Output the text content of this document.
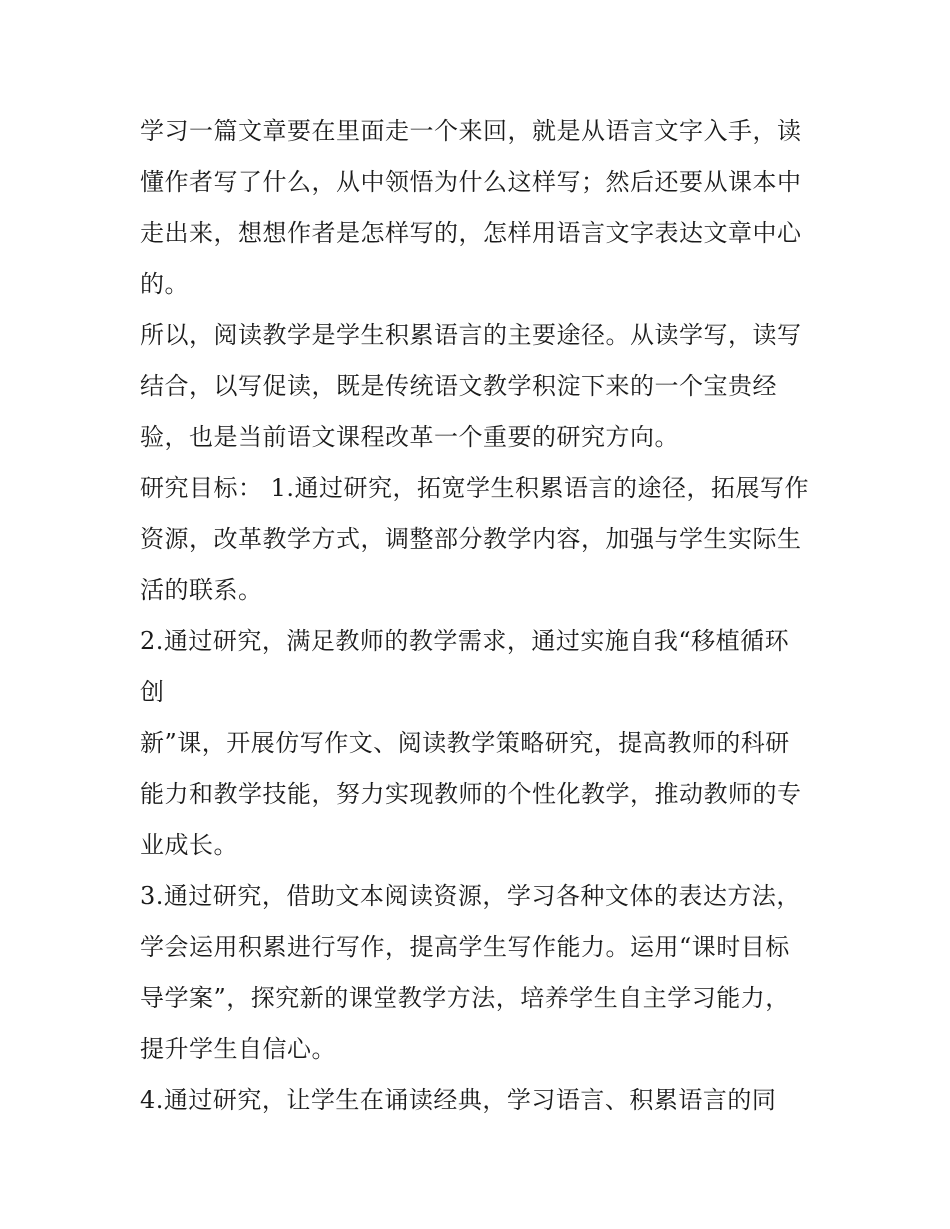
学习一篇文章要在里面走一个来回，就是从语言文字入手，读
懂作者写了什么，从中领悟为什么这样写；然后还要从课本中
走出来，想想作者是怎样写的，怎样用语言文字表达文章中心
的。
所以，阅读教学是学生积累语言的主要途径。从读学写，读写
结合，以写促读，既是传统语文教学积淀下来的一个宝贵经
验，也是当前语文课程改革一个重要的研究方向。
研究目标： 1.通过研究，拓宽学生积累语言的途径，拓展写作
资源，改革教学方式，调整部分教学内容，加强与学生实际生
活的联系。
2.通过研究，满足教师的教学需求，通过实施自我“移植循环
创
新”课，开展仿写作文、阅读教学策略研究，提高教师的科研
能力和教学技能，努力实现教师的个性化教学，推动教师的专
业成长。
3.通过研究，借助文本阅读资源，学习各种文体的表达方法，
学会运用积累进行写作，提高学生写作能力。运用“课时目标
导学案”，探究新的课堂教学方法，培养学生自主学习能力，
提升学生自信心。
4.通过研究，让学生在诵读经典，学习语言、积累语言的同
